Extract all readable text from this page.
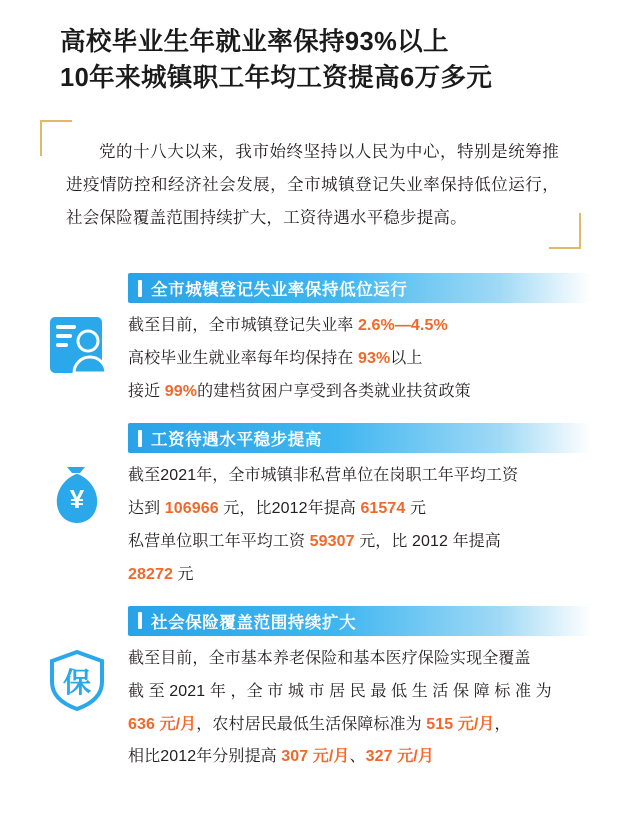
高校毕业生年就业率保持93%以上
10年来城镇职工年均工资提高6万多元
党的十八大以来，我市始终坚持以人民为中心，特别是统筹推进疫情防控和经济社会发展，全市城镇登记失业率保持低位运行，社会保险覆盖范围持续扩大，工资待遇水平稳步提高。
全市城镇登记失业率保持低位运行

截至目前，全市城镇登记失业率 2.6%—4.5%

高校毕业生就业率每年均保持在 93%以上

接近 99%的建档贫困户享受到各类就业扶贫政策

¥
工资待遇水平稳步提高

截至2021年，全市城镇非私营单位在岗职工年平均工资

达到 106966 元，比2012年提高 61574 元

私营单位职工年平均工资 59307 元，比 2012 年提高

28272 元

保
社会保险覆盖范围持续扩大

截至目前，全市基本养老保险和基本医疗保险实现全覆盖

截 至 2021 年 ，全 市 城 市 居 民 最 低 生 活 保 障 标 准 为

636 元/月，农村居民最低生活保障标准为 515 元/月，

相比2012年分别提高 307 元/月、327 元/月
